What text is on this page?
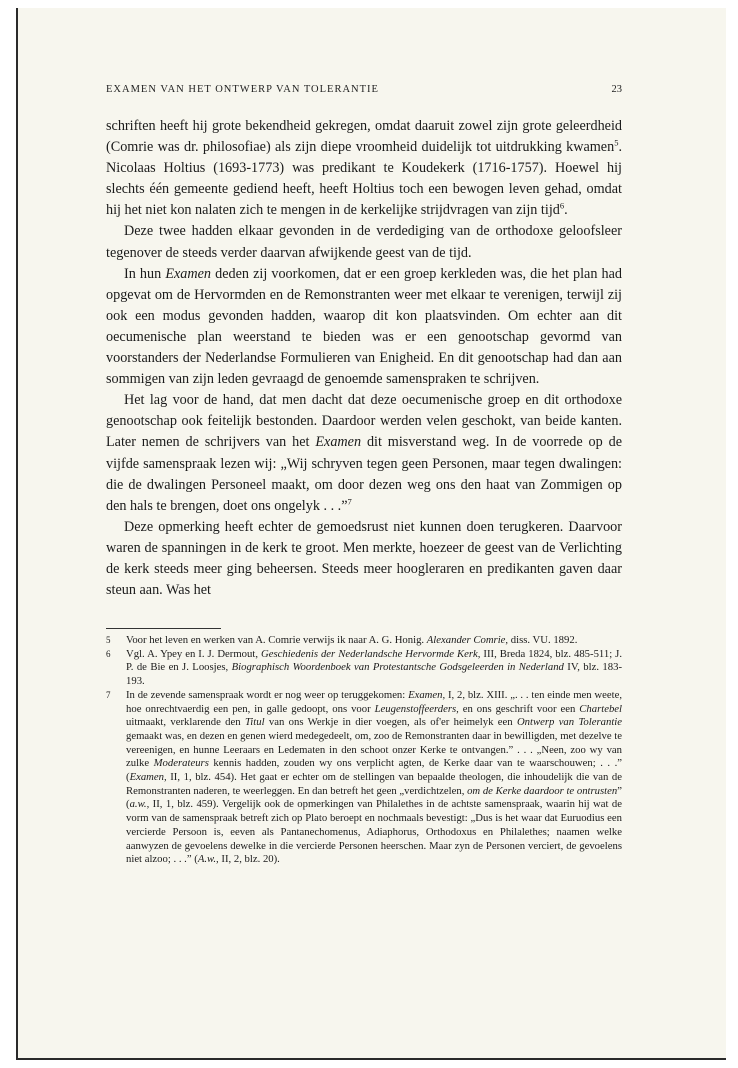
EXAMEN VAN HET ONTWERP VAN TOLERANTIE	23

schriften heeft hij grote bekendheid gekregen, omdat daaruit zowel zijn grote geleerdheid (Comrie was dr. philosofiae) als zijn diepe vroomheid duidelijk tot uitdrukking kwamen$^5$. Nicolaas Holtius (1693-1773) was predikant te Koudekerk (1716-1757). Hoewel hij slechts één gemeente gediend heeft, heeft Holtius toch een bewogen leven gehad, omdat hij het niet kon nalaten zich te mengen in de kerkelijke strijdvragen van zijn tijd$^6$.

Deze twee hadden elkaar gevonden in de verdediging van de orthodoxe geloofsleer tegenover de steeds verder daarvan afwijkende geest van de tijd.

In hun Examen deden zij voorkomen, dat er een groep kerkleden was, die het plan had opgevat om de Hervormden en de Remonstranten weer met elkaar te verenigen, terwijl zij ook een modus gevonden hadden, waarop dit kon plaatsvinden. Om echter aan dit oecumenische plan weerstand te bieden was er een genootschap gevormd van voorstanders der Nederlandse Formulieren van Enigheid. En dit genootschap had dan aan sommigen van zijn leden gevraagd de genoemde samenspraken te schrijven.

Het lag voor de hand, dat men dacht dat deze oecumenische groep en dit orthodoxe genootschap ook feitelijk bestonden. Daardoor werden velen geschokt, van beide kanten. Later nemen de schrijvers van het Examen dit misverstand weg. In de voorrede op de vijfde samenspraak lezen wij: „Wij schryven tegen geen Personen, maar tegen dwalingen: die de dwalingen Personeel maakt, om door dezen weg ons den haat van Zommigen op den hals te brengen, doet ons ongelyk . . .”$^7$

Deze opmerking heeft echter de gemoedsrust niet kunnen doen terugkeren. Daarvoor waren de spanningen in de kerk te groot. Men merkte, hoezeer de geest van de Verlichting de kerk steeds meer ging beheersen. Steeds meer hoogleraren en predikanten gaven daar steun aan. Was het

5 Voor het leven en werken van A. Comrie verwijs ik naar A. G. Honig. Alexander Comrie, diss. VU. 1892.

6 Vgl. A. Ypey en I. J. Dermout, Geschiedenis der Nederlandsche Hervormde Kerk, III, Breda 1824, blz. 485-511; J. P. de Bie en J. Loosjes, Biographisch Woordenboek van Protestantsche Godsgeleerden in Nederland IV, blz. 183-193.

7 In de zevende samenspraak wordt er nog weer op teruggekomen: Examen, I, 2, blz. XIII. „. . . ten einde men weete, hoe onrechtvaerdig een pen, in galle gedoopt, ons voor Leugenstoffeerders, en ons geschrift voor een Chartebel uitmaakt, verklarende den Titul van ons Werkje in dier voegen, als of'er heimelyk een Ontwerp van Tolerantie gemaakt was, en dezen en genen wierd medegedeelt, om, zoo de Remonstranten daar in bewilligden, met dezelve te vereenigen, en hunne Leeraars en Ledematen in den schoot onzer Kerke te ontvangen.” . . . „Neen, zoo wy van zulke Moderateurs kennis hadden, zouden wy ons verplicht agten, de Kerke daar van te waarschouwen; . . .” (Examen, II, 1, blz. 454). Het gaat er echter om de stellingen van bepaalde theologen, die inhoudelijk die van de Remonstranten naderen, te weerleggen. En dan betreft het geen „verdichtzelen, om de Kerke daardoor te ontrusten” (a.w., II, 1, blz. 459). Vergelijk ook de opmerkingen van Philalethes in de achtste samenspraak, waarin hij wat de vorm van de samenspraak betreft zich op Plato beroept en nochmaals bevestigt: „Dus is het waar dat Euruodius een vercierde Persoon is, eeven als Pantanechomenus, Adiaphorus, Orthodoxus en Philalethes; naamen welke aanwyzen de gevoelens dewelke in die vercierde Personen heerschen. Maar zyn de Personen verciert, de gevoelens niet alzoo; . . .” (A.w., II, 2, blz. 20).
